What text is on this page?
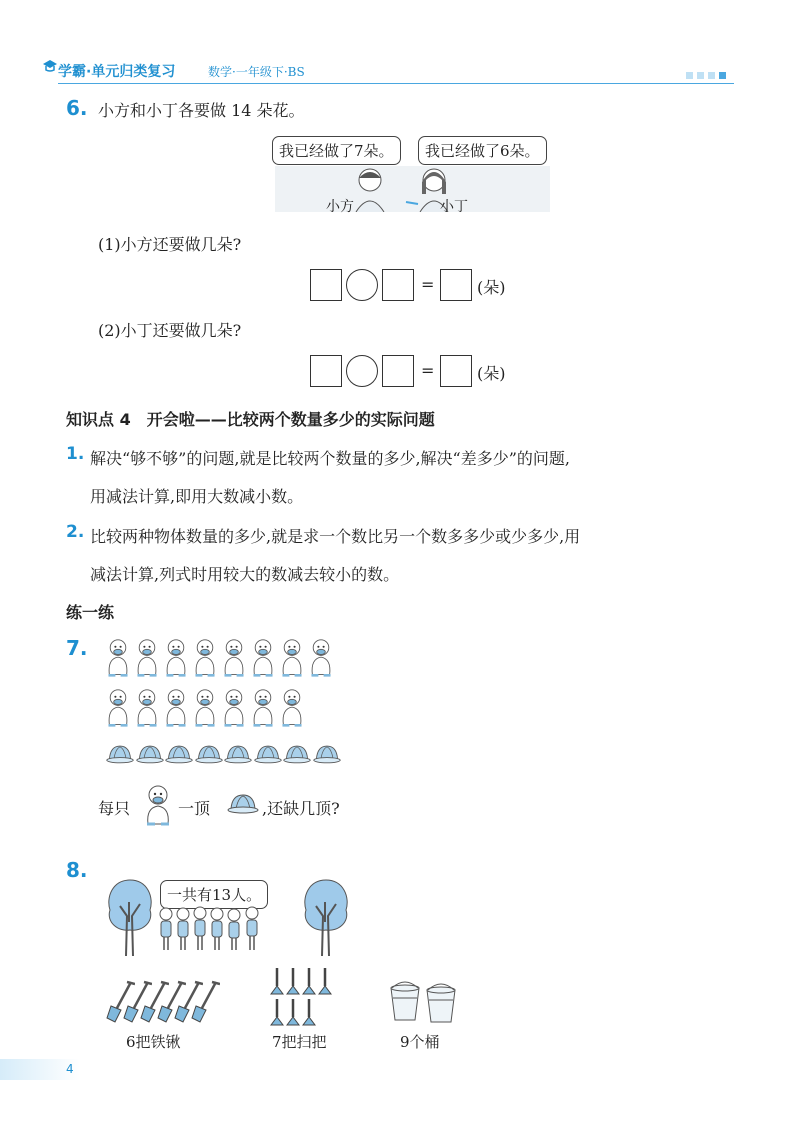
学霸·单元归类复习	数学·一年级下·BS
6. 小方和小丁各要做 14 朵花。
我已经做了7朵。	我已经做了6朵。
小方	小丁
(1)小方还要做几朵?
=	(朵)
(2)小丁还要做几朵?
=	(朵)
知识点 4　开会啦——比较两个数量多少的实际问题
1. 解决“够不够”的问题,就是比较两个数量的多少,解决“差多少”的问题,
用减法计算,即用大数减小数。
2. 比较两种物体数量的多少,就是求一个数比另一个数多多少或少多少,用
减法计算,列式时用较大的数减去较小的数。
练一练
7.
每只	一顶	,还缺几顶?
8.
一共有13人。
6把铁锹	7把扫把	9个桶
4
